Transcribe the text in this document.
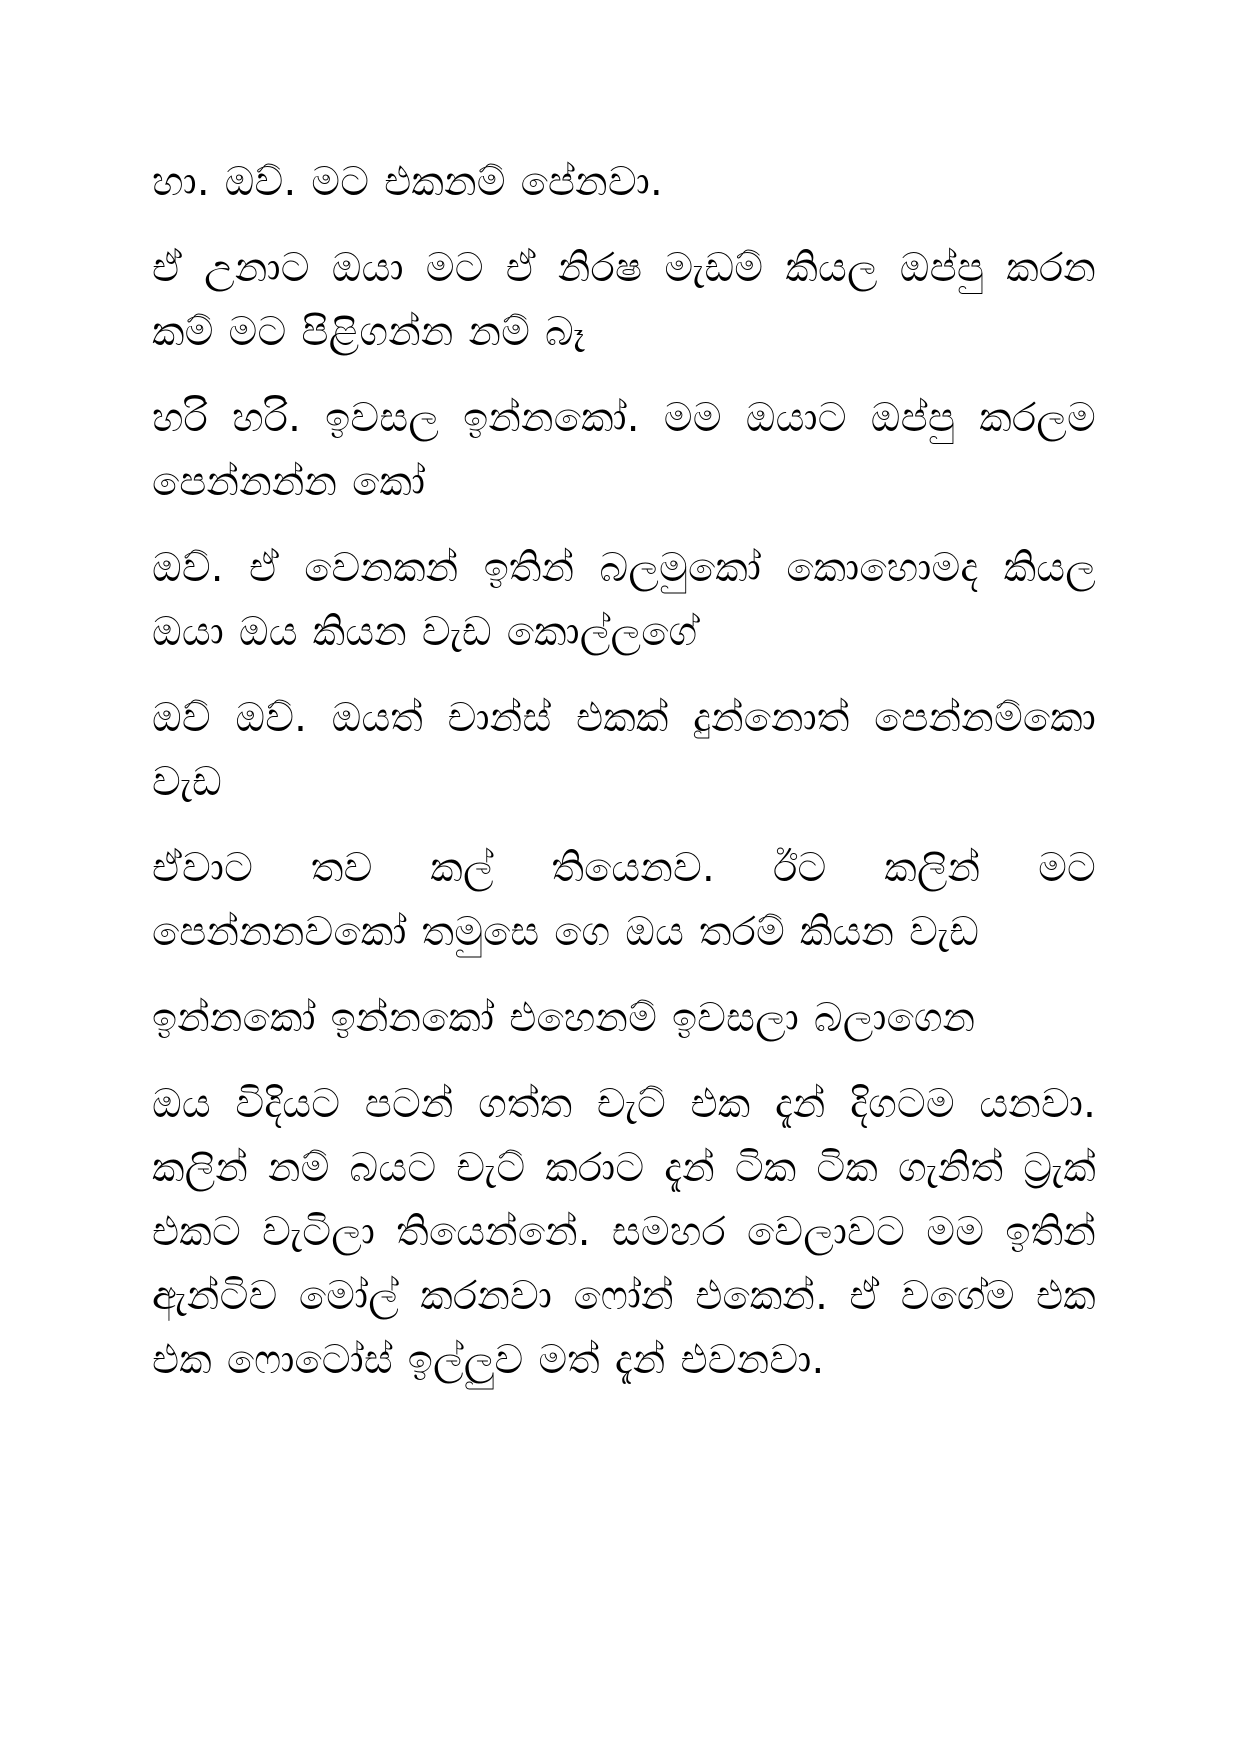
හා. ඔව්. මට එකනම් පේනවා.

ඒ උනාට ඔයා මට ඒ නිරෂ මැඩම් කියල ඔප්පු කරන කම් මට පිළිගන්න නම් බෑ

හරි හරි. ඉවසල ඉන්නකෝ. මම ඔයාට ඔප්පු කරලම පෙන්නන්න කෝ

ඔව්. ඒ වෙනකන් ඉතින් බලමුකෝ කොහොමද කියල ඔයා ඔය කියන වැඩ කොල්ලගේ

ඔව් ඔව්. ඔයත් චාන්ස් එකක් දුන්නොත් පෙන්නම්කො වැඩ

ඒවාට තව කල් තියෙනව. ඊට කලින් මට පෙන්නනවකෝ තමුසෙ ගෙ ඔය තරම් කියන වැඩ

ඉන්නකෝ ඉන්නකෝ එහෙනම් ඉවසලා බලාගෙන

ඔය විදියට පටන් ගත්ත චැට් එක දැන් දිගටම යනවා. කලින් නම් බයට චැට් කරාට දැන් ටික ටික ගැනිත් ට්‍රැක් එකට වැටිලා තියෙන්නේ. සමහර වෙලාවට මම ඉතින් ඇන්ටිව මෝල් කරනවා ෆෝන් එකෙන්. ඒ වගේම එක එක ෆොටෝස් ඉල්ලුව මත් දැන් එවනවා.
